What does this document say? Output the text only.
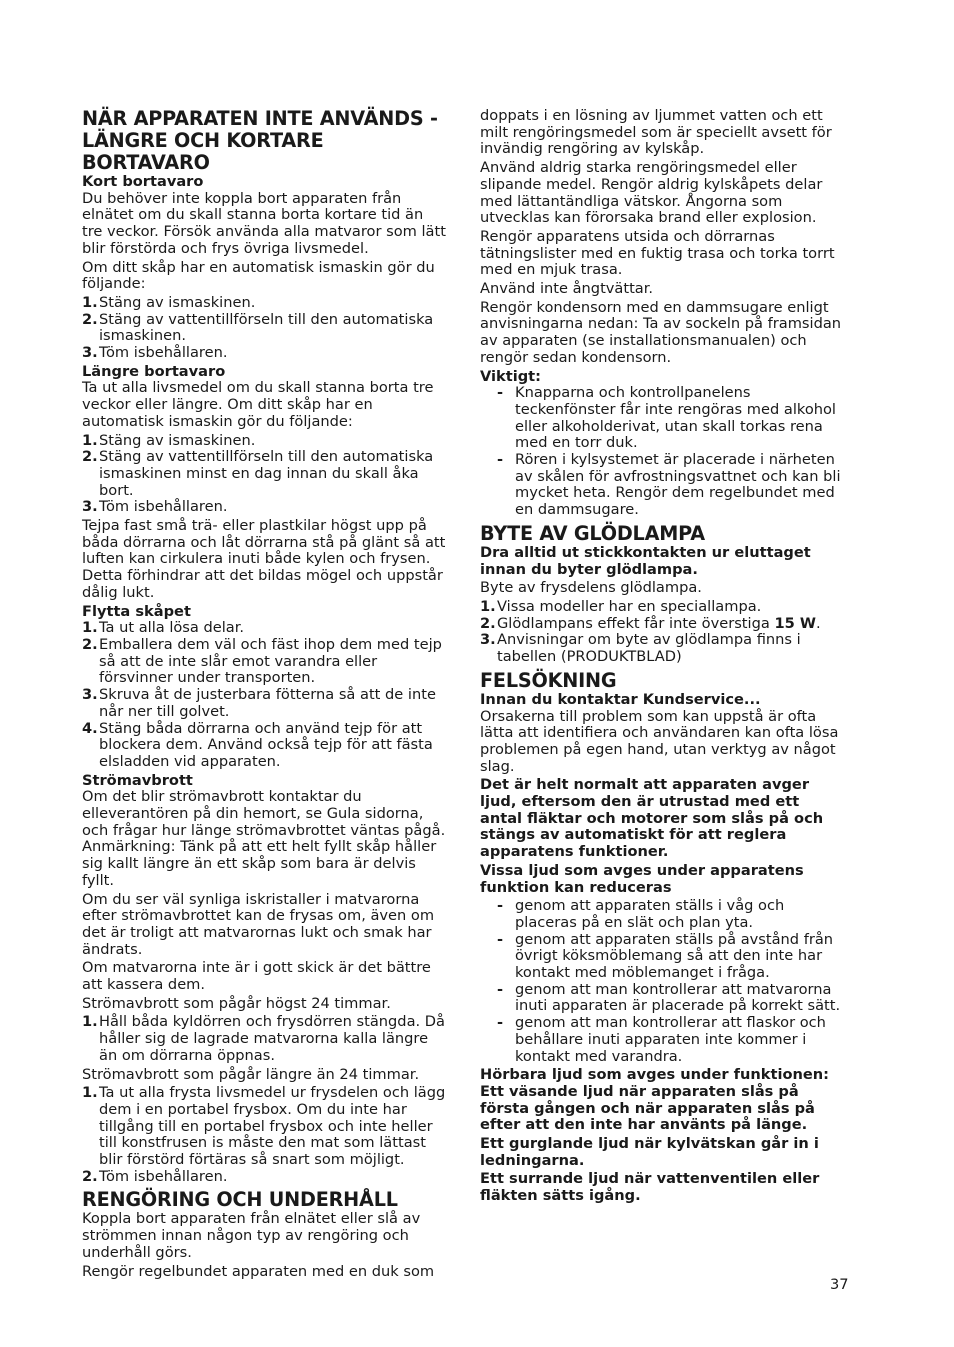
NÄR APPARATEN INTE ANVÄNDS - LÄNGRE OCH KORTARE BORTAVARO
Kort bortavaro

Du behöver inte koppla bort apparaten från elnätet om du skall stanna borta kortare tid än tre veckor. Försök använda alla matvaror som lätt blir förstörda och frys övriga livsmedel.

Om ditt skåp har en automatisk ismaskin gör du följande:

1. Stäng av ismaskinen.
2. Stäng av vattentillförseln till den automatiska ismaskinen.
3. Töm isbehållaren.
Längre bortavaro

Ta ut alla livsmedel om du skall stanna borta tre veckor eller längre. Om ditt skåp har en automatisk ismaskin gör du följande:

1. Stäng av ismaskinen.
2. Stäng av vattentillförseln till den automatiska ismaskinen minst en dag innan du skall åka bort.
3. Töm isbehållaren.

Tejpa fast små trä- eller plastkilar högst upp på båda dörrarna och låt dörrarna stå på glänt så att luften kan cirkulera inuti både kylen och frysen. Detta förhindrar att det bildas mögel och uppstår dålig lukt.

Flytta skåpet
1. Ta ut alla lösa delar.
2. Emballera dem väl och fäst ihop dem med tejp så att de inte slår emot varandra eller försvinner under transporten.
3. Skruva åt de justerbara fötterna så att de inte når ner till golvet.
4. Stäng båda dörrarna och använd tejp för att blockera dem. Använd också tejp för att fästa elsladden vid apparaten.
Strömavbrott

Om det blir strömavbrott kontaktar du elleverantören på din hemort, se Gula sidorna, och frågar hur länge strömavbrottet väntas pågå.

Anmärkning: Tänk på att ett helt fyllt skåp håller sig kallt längre än ett skåp som bara är delvis fyllt.

Om du ser väl synliga iskristaller i matvarorna efter strömavbrottet kan de frysas om, även om det är troligt att matvarornas lukt och smak har ändrats.

Om matvarorna inte är i gott skick är det bättre att kassera dem.

Strömavbrott som pågår högst 24 timmar.

1. Håll båda kyldörren och frysdörren stängda. Då håller sig de lagrade matvarorna kalla längre än om dörrarna öppnas.

Strömavbrott som pågår längre än 24 timmar.

1. Ta ut alla frysta livsmedel ur frysdelen och lägg dem i en portabel frysbox. Om du inte har tillgång till en portabel frysbox och inte heller till konstfrusen is måste den mat som lättast blir förstörd förtäras så snart som möjligt.
2. Töm isbehållaren.
RENGÖRING OCH UNDERHÅLL

Koppla bort apparaten från elnätet eller slå av strömmen innan någon typ av rengöring och underhåll görs.

Rengör regelbundet apparaten med en duk som

doppats i en lösning av ljummet vatten och ett milt rengöringsmedel som är speciellt avsett för invändig rengöring av kylskåp.

Använd aldrig starka rengöringsmedel eller slipande medel. Rengör aldrig kylskåpets delar med lättantändliga vätskor. Ångorna som utvecklas kan förorsaka brand eller explosion.

Rengör apparatens utsida och dörrarnas tätningslister med en fuktig trasa och torka torrt med en mjuk trasa.

Använd inte ångtvättar.

Rengör kondensorn med en dammsugare enligt anvisningarna nedan: Ta av sockeln på framsidan av apparaten (se installationsmanualen) och rengör sedan kondensorn.

Viktigt:
- Knapparna och kontrollpanelens teckenfönster får inte rengöras med alkohol eller alkoholderivat, utan skall torkas rena med en torr duk.
- Rören i kylsystemet är placerade i närheten av skålen för avfrostningsvattnet och kan bli mycket heta. Rengör dem regelbundet med en dammsugare.
BYTE AV GLÖDLAMPA

Dra alltid ut stickkontakten ur eluttaget innan du byter glödlampa.

Byte av frysdelens glödlampa.

1. Vissa modeller har en speciallampa.
2. Glödlampans effekt får inte överstiga 15 W.
3. Anvisningar om byte av glödlampa finns i tabellen (PRODUKTBLAD)
FELSÖKNING
Innan du kontaktar Kundservice...

Orsakerna till problem som kan uppstå är ofta lätta att identifiera och användaren kan ofta lösa problemen på egen hand, utan verktyg av något slag.

Det är helt normalt att apparaten avger ljud, eftersom den är utrustad med ett antal fläktar och motorer som slås på och stängs av automatiskt för att reglera apparatens funktioner.

Vissa ljud som avges under apparatens funktion kan reduceras

- genom att apparaten ställs i våg och placeras på en slät och plan yta.
- genom att apparaten ställs på avstånd från övrigt köksmöblemang så att den inte har kontakt med möblemanget i fråga.
- genom att man kontrollerar att matvarorna inuti apparaten är placerade på korrekt sätt.
- genom att man kontrollerar att flaskor och behållare inuti apparaten inte kommer i kontakt med varandra.

Hörbara ljud som avges under funktionen: Ett väsande ljud när apparaten slås på första gången och när apparaten slås på efter att den inte har använts på länge.

Ett gurglande ljud när kylvätskan går in i ledningarna.

Ett surrande ljud när vattenventilen eller fläkten sätts igång.

37
